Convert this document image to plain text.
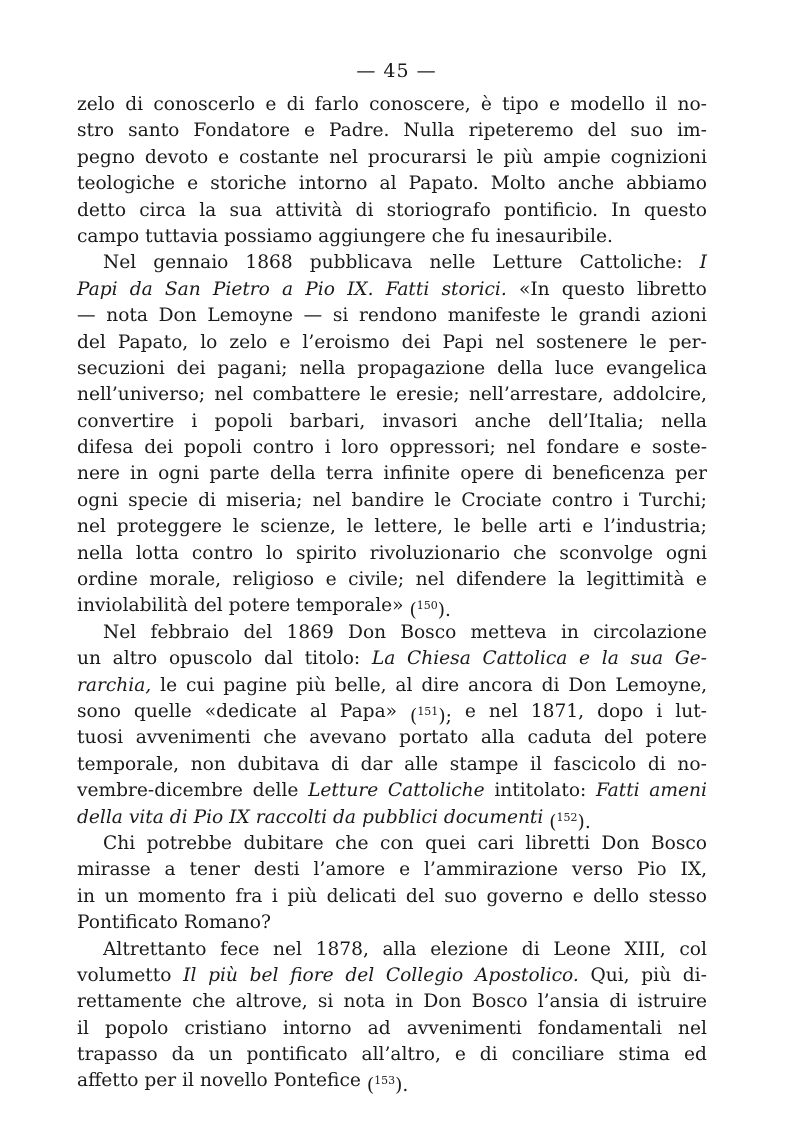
— 45 —
zelo di conoscerlo e di farlo conoscere, è tipo e modello il no-
stro santo Fondatore e Padre. Nulla ripeteremo del suo im-
pegno devoto e costante nel procurarsi le più ampie cognizioni
teologiche e storiche intorno al Papato. Molto anche abbiamo
detto circa la sua attività di storiografo pontificio. In questo
campo tuttavia possiamo aggiungere che fu inesauribile.
Nel gennaio 1868 pubblicava nelle Letture Cattoliche: I
Papi da San Pietro a Pio IX. Fatti storici. «In questo libretto
— nota Don Lemoyne — si rendono manifeste le grandi azioni
del Papato, lo zelo e l’eroismo dei Papi nel sostenere le per-
secuzioni dei pagani; nella propagazione della luce evangelica
nell’universo; nel combattere le eresie; nell’arrestare, addolcire,
convertire i popoli barbari, invasori anche dell’Italia; nella
difesa dei popoli contro i loro oppressori; nel fondare e soste-
nere in ogni parte della terra infinite opere di beneficenza per
ogni specie di miseria; nel bandire le Crociate contro i Turchi;
nel proteggere le scienze, le lettere, le belle arti e l’industria;
nella lotta contro lo spirito rivoluzionario che sconvolge ogni
ordine morale, religioso e civile; nel difendere la legittimità e
inviolabilità del potere temporale» ($^{150}$).
Nel febbraio del 1869 Don Bosco metteva in circolazione
un altro opuscolo dal titolo: La Chiesa Cattolica e la sua Ge-
rarchia, le cui pagine più belle, al dire ancora di Don Lemoyne,
sono quelle «dedicate al Papa» ($^{151}$); e nel 1871, dopo i lut-
tuosi avvenimenti che avevano portato alla caduta del potere
temporale, non dubitava di dar alle stampe il fascicolo di no-
vembre-dicembre delle Letture Cattoliche intitolato: Fatti ameni
della vita di Pio IX raccolti da pubblici documenti ($^{152}$).
Chi potrebbe dubitare che con quei cari libretti Don Bosco
mirasse a tener desti l’amore e l’ammirazione verso Pio IX,
in un momento fra i più delicati del suo governo e dello stesso
Pontificato Romano?
Altrettanto fece nel 1878, alla elezione di Leone XIII, col
volumetto Il più bel fiore del Collegio Apostolico. Qui, più di-
rettamente che altrove, si nota in Don Bosco l’ansia di istruire
il popolo cristiano intorno ad avvenimenti fondamentali nel
trapasso da un pontificato all’altro, e di conciliare stima ed
affetto per il novello Pontefice ($^{153}$).
